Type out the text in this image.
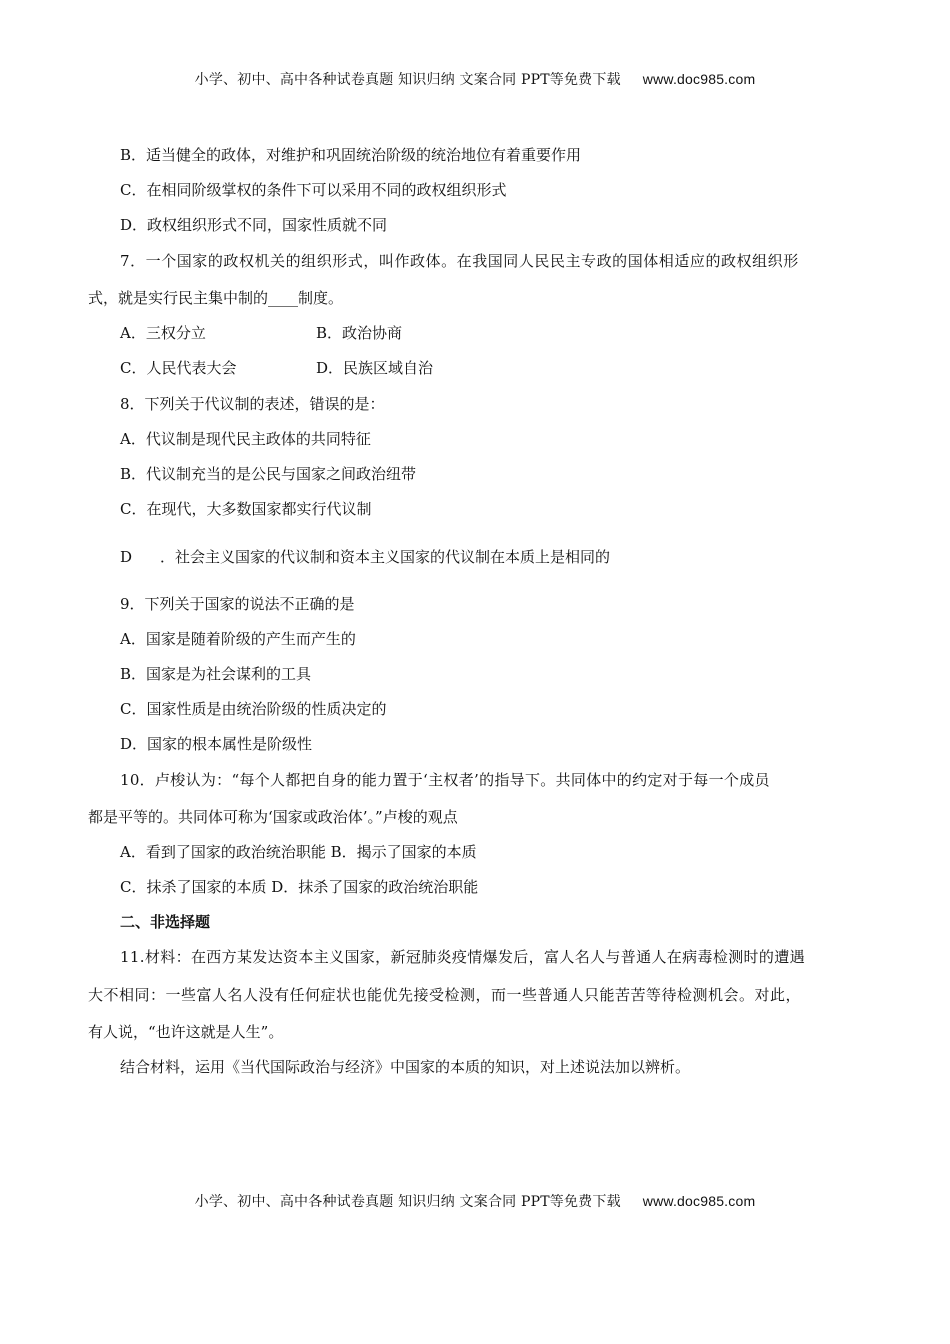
小学、初中、高中各种试卷真题 知识归纳 文案合同 PPT等免费下载 www.doc985.com
B．适当健全的政体，对维护和巩固统治阶级的统治地位有着重要作用
C．在相同阶级掌权的条件下可以采用不同的政权组织形式
D．政权组织形式不同，国家性质就不同
7．一个国家的政权机关的组织形式，叫作政体。在我国同人民民主专政的国体相适应的政权组织形
式，就是实行民主集中制的____制度。
A．三权分立	B．政治协商
C．人民代表大会	D．民族区域自治
8．下列关于代议制的表述，错误的是：
A．代议制是现代民主政体的共同特征
B．代议制充当的是公民与国家之间政治纽带
C．在现代，大多数国家都实行代议制
D ．社会主义国家的代议制和资本主义国家的代议制在本质上是相同的
9．下列关于国家的说法不正确的是
A．国家是随着阶级的产生而产生的
B．国家是为社会谋利的工具
C．国家性质是由统治阶级的性质决定的
D．国家的根本属性是阶级性
10．卢梭认为：“每个人都把自身的能力置于‘主权者’的指导下。共同体中的约定对于每一个成员
都是平等的。共同体可称为‘国家或政治体’。”卢梭的观点
A．看到了国家的政治统治职能 B．揭示了国家的本质
C．抹杀了国家的本质 D．抹杀了国家的政治统治职能
二、非选择题
11.材料：在西方某发达资本主义国家，新冠肺炎疫情爆发后，富人名人与普通人在病毒检测时的遭遇
大不相同：一些富人名人没有任何症状也能优先接受检测，而一些普通人只能苦苦等待检测机会。对此，
有人说，“也许这就是人生”。
结合材料，运用《当代国际政治与经济》中国家的本质的知识，对上述说法加以辨析。
小学、初中、高中各种试卷真题 知识归纳 文案合同 PPT等免费下载 www.doc985.com
